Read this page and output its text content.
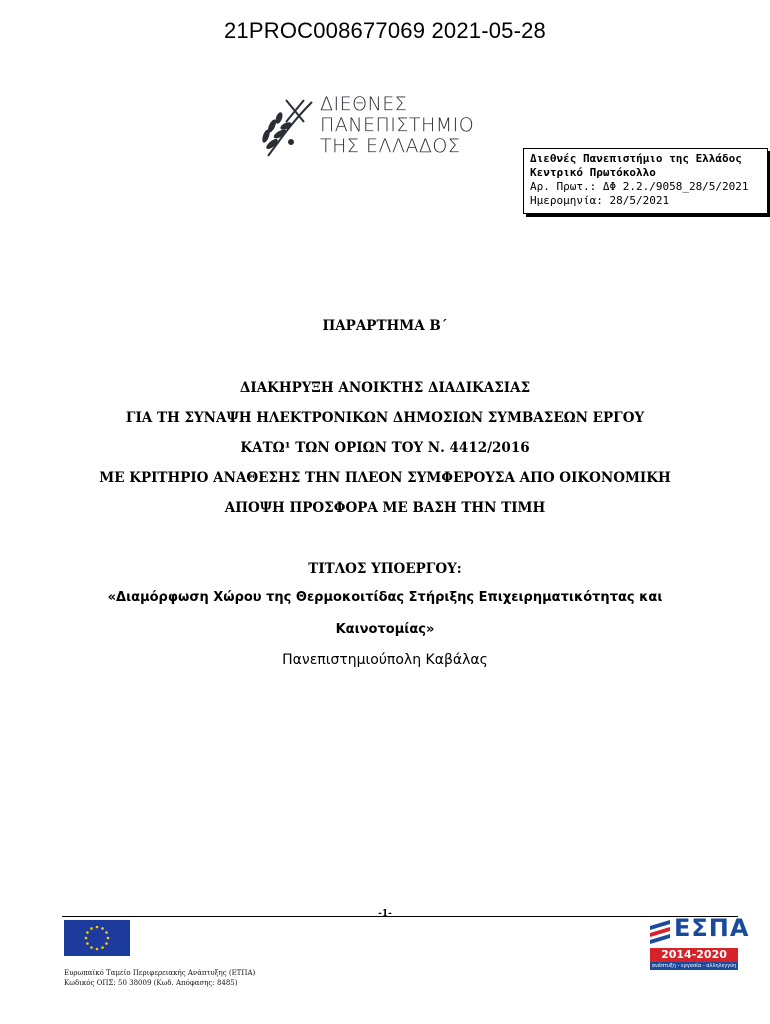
21PROC008677069 2021-05-28
ΔΙΕΘΝΕΣ
ΠΑΝΕΠΙΣΤΗΜΙΟ
ΤΗΣ ΕΛΛΑΔΟΣ
Διεθνές Πανεπιστήμιο της Ελλάδος
Κεντρικό Πρωτόκολλο
Αρ. Πρωτ.: ΔΦ 2.2./9058_28/5/2021
Ημερομηνία: 28/5/2021
ΠΑΡΑΡΤΗΜΑ Β΄
ΔΙΑΚΗΡΥΞΗ ΑΝΟΙΚΤΗΣ ΔΙΑΔΙΚΑΣΙΑΣ
ΓΙΑ ΤΗ ΣΥΝΑΨΗ ΗΛΕΚΤΡΟΝΙΚΩΝ ΔΗΜΟΣΙΩΝ ΣΥΜΒΑΣΕΩΝ ΕΡΓΟΥ
ΚΑΤΩ¹ ΤΩΝ ΟΡΙΩΝ ΤΟΥ Ν. 4412/2016
ΜΕ ΚΡΙΤΗΡΙΟ ΑΝΑΘΕΣΗΣ ΤΗΝ ΠΛΕΟΝ ΣΥΜΦΕΡΟΥΣΑ ΑΠΟ ΟΙΚΟΝΟΜΙΚΗ
ΑΠΟΨΗ ΠΡΟΣΦΟΡΑ ΜΕ ΒΑΣΗ ΤΗΝ ΤΙΜΗ
ΤΙΤΛΟΣ ΥΠΟΕΡΓΟΥ:
«Διαμόρφωση Χώρου της Θερμοκοιτίδας Στήριξης Επιχειρηματικότητας και
Καινοτομίας»
Πανεπιστημιούπολη Καβάλας
-1-	ΕΣΠΑ
2014-2020
ανάπτυξη - εργασία - αλληλεγγύη
Ευρωπαϊκό Ταμείο Περιφερειακής Ανάπτυξης (ΕΤΠΑ)
Κωδικός ΟΠΣ: 50 38009 (Κωδ. Απόφασης: 8485)
